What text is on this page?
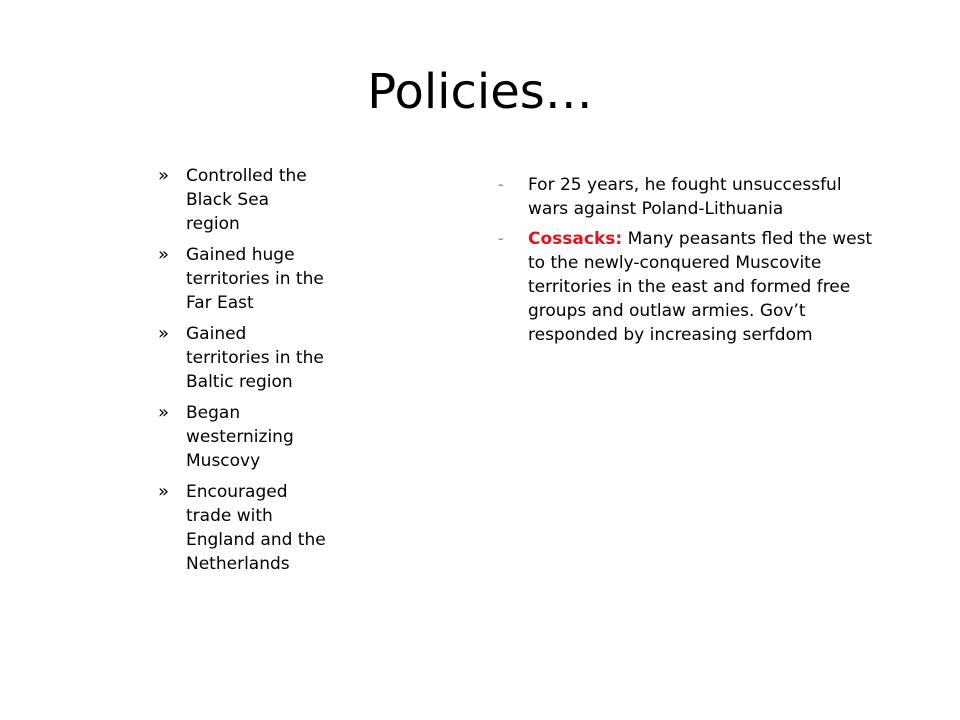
Policies…
» Controlled the Black Sea region
» Gained huge territories in the Far East
» Gained territories in the Baltic region
» Began westernizing Muscovy
» Encouraged trade with England and the Netherlands
–	For 25 years, he fought unsuccessful wars against Poland-Lithuania
–	Cossacks: Many peasants fled the west to the newly-conquered Muscovite territories in the east and formed free groups and outlaw armies. Gov’t responded by increasing serfdom
